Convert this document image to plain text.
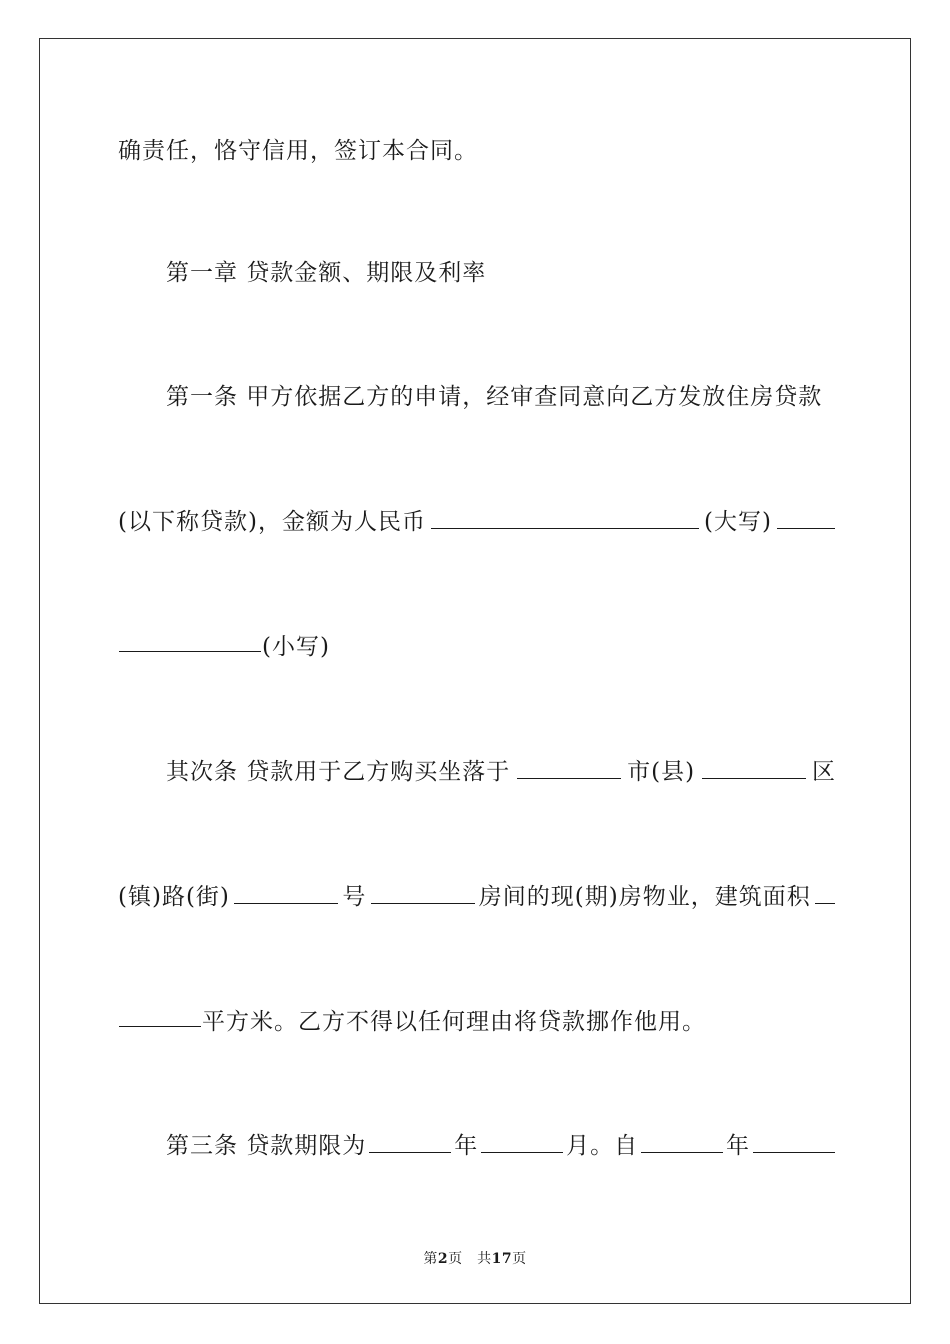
确责任，恪守信用，签订本合同。
第一章 贷款金额、期限及利率
第一条 甲方依据乙方的申请，经审查同意向乙方发放住房贷款
(以下称贷款)，金额为人民币	(大写)
(小写)
其次条 贷款用于乙方购买坐落于	市(县)	区
(镇)路(街)	号	房间的现(期)房物业，建筑面积
平方米。乙方不得以任何理由将贷款挪作他用。
第三条 贷款期限为	年	月。自	年
第2页　共17页
